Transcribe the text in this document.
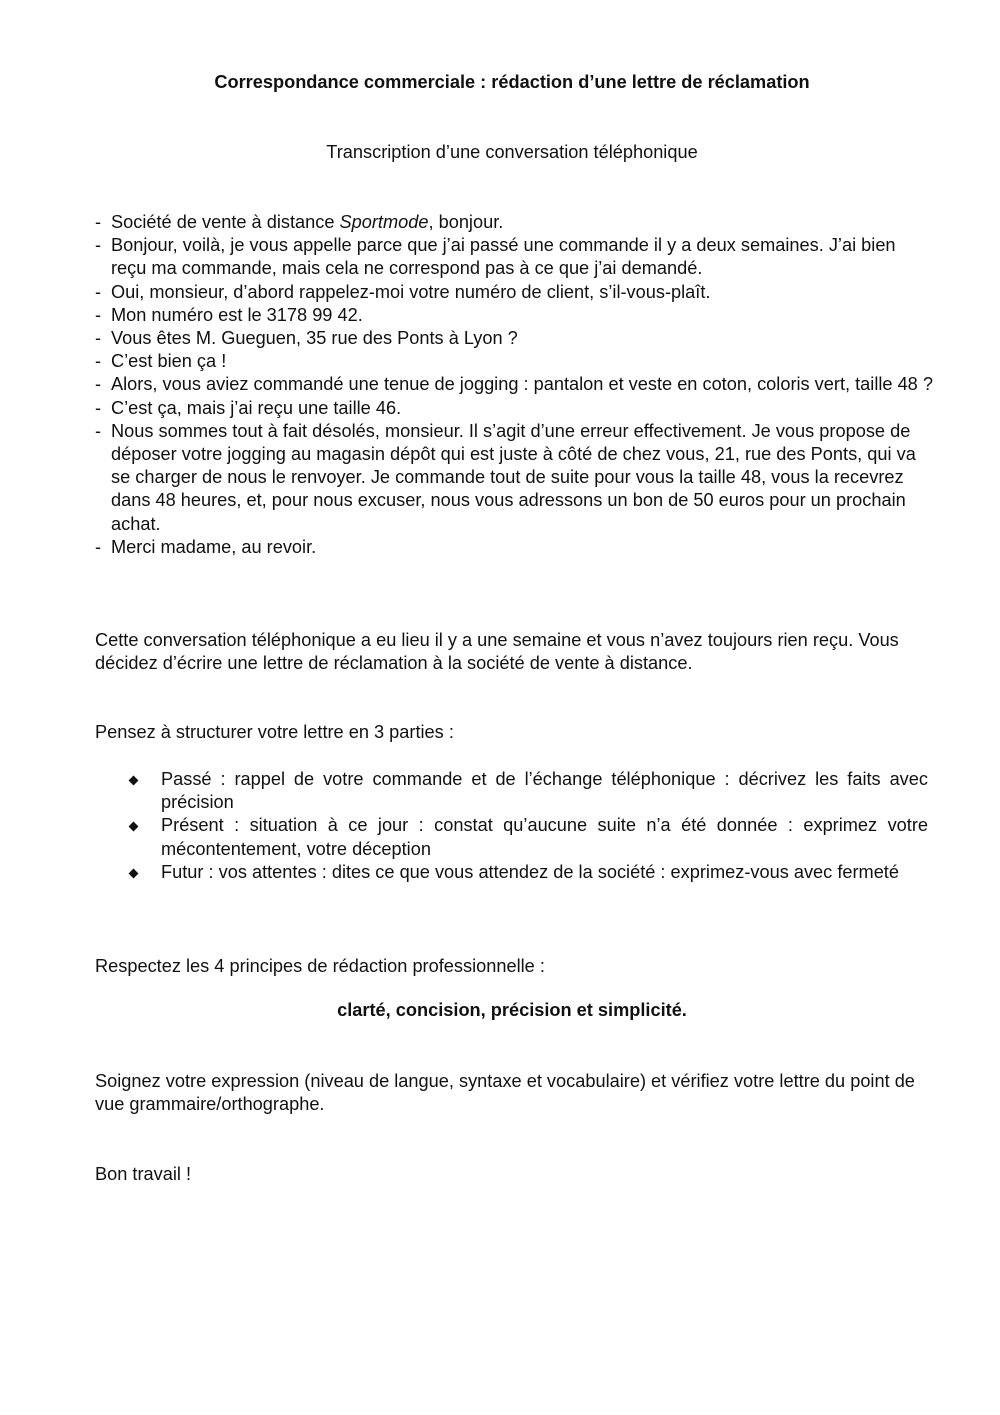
Correspondance commerciale : rédaction d’une lettre de réclamation
Transcription d’une conversation téléphonique
- Société de vente à distance Sportmode, bonjour.
- Bonjour, voilà, je vous appelle parce que j’ai passé une commande il y a deux semaines. J’ai bien reçu ma commande, mais cela ne correspond pas à ce que j’ai demandé.
- Oui, monsieur, d’abord rappelez-moi votre numéro de client, s’il-vous-plaît.
- Mon numéro est le 3178 99 42.
- Vous êtes M. Gueguen, 35 rue des Ponts à Lyon ?
- C’est bien ça !
- Alors, vous aviez commandé une tenue de jogging : pantalon et veste en coton, coloris vert, taille 48 ?
- C’est ça, mais j’ai reçu une taille 46.
- Nous sommes tout à fait désolés, monsieur. Il s’agit d’une erreur effectivement. Je vous propose de déposer votre jogging au magasin dépôt qui est juste à côté de chez vous, 21, rue des Ponts, qui va se charger de nous le renvoyer. Je commande tout de suite pour vous la taille 48, vous la recevrez dans 48 heures, et, pour nous excuser, nous vous adressons un bon de 50 euros pour un prochain achat.
- Merci madame, au revoir.

Cette conversation téléphonique a eu lieu il y a une semaine et vous n’avez toujours rien reçu. Vous décidez d’écrire une lettre de réclamation à la société de vente à distance.

Pensez à structurer votre lettre en 3 parties :

Passé : rappel de votre commande et de l’échange téléphonique : décrivez les faits avec précision
Présent : situation à ce jour : constat qu’aucune suite n’a été donnée : exprimez votre mécontentement, votre déception
Futur : vos attentes : dites ce que vous attendez de la société : exprimez-vous avec fermeté

Respectez les 4 principes de rédaction professionnelle :

clarté, concision, précision et simplicité.

Soignez votre expression (niveau de langue, syntaxe et vocabulaire) et vérifiez votre lettre du point de vue grammaire/orthographe.

Bon travail !
